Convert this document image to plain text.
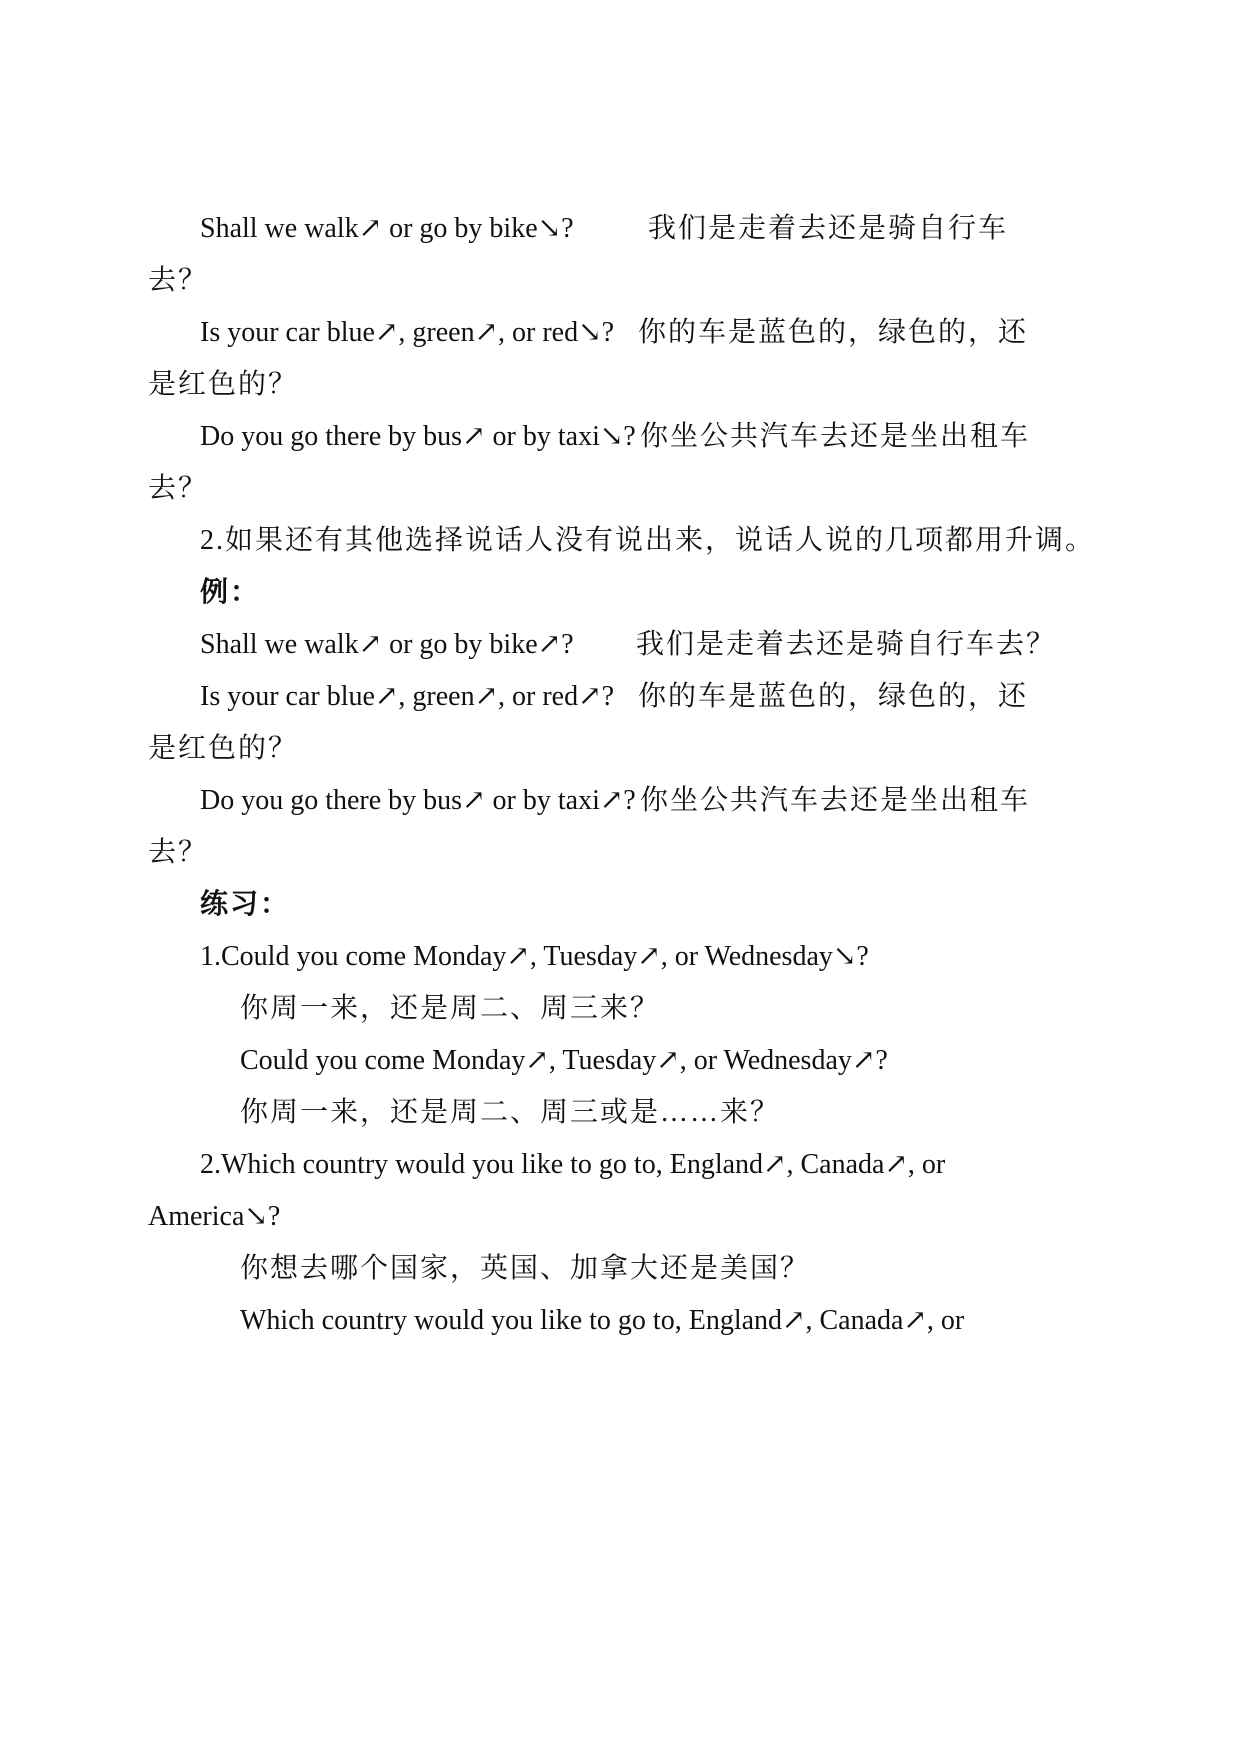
Shall we walk↗ or go by bike↘?	我们是走着去还是骑自行车
去？
Is your car blue↗, green↗, or red↘? 你的车是蓝色的，绿色的，还
是红色的？
Do you go there by bus↗ or by taxi↘? 你坐公共汽车去还是坐出租车
去？
2.如果还有其他选择说话人没有说出来，说话人说的几项都用升调。
例：
Shall we walk↗ or go by bike↗? 我们是走着去还是骑自行车去？
Is your car blue↗, green↗, or red↗? 你的车是蓝色的，绿色的，还
是红色的？
Do you go there by bus↗ or by taxi↗? 你坐公共汽车去还是坐出租车
去？
练习：
1.Could you come Monday↗, Tuesday↗, or Wednesday↘?
你周一来，还是周二、周三来？
Could you come Monday↗, Tuesday↗, or Wednesday↗?
你周一来，还是周二、周三或是……来？
2.Which country would you like to go to, England↗, Canada↗, or
America↘?
你想去哪个国家，英国、加拿大还是美国？
Which country would you like to go to, England↗, Canada↗, or
